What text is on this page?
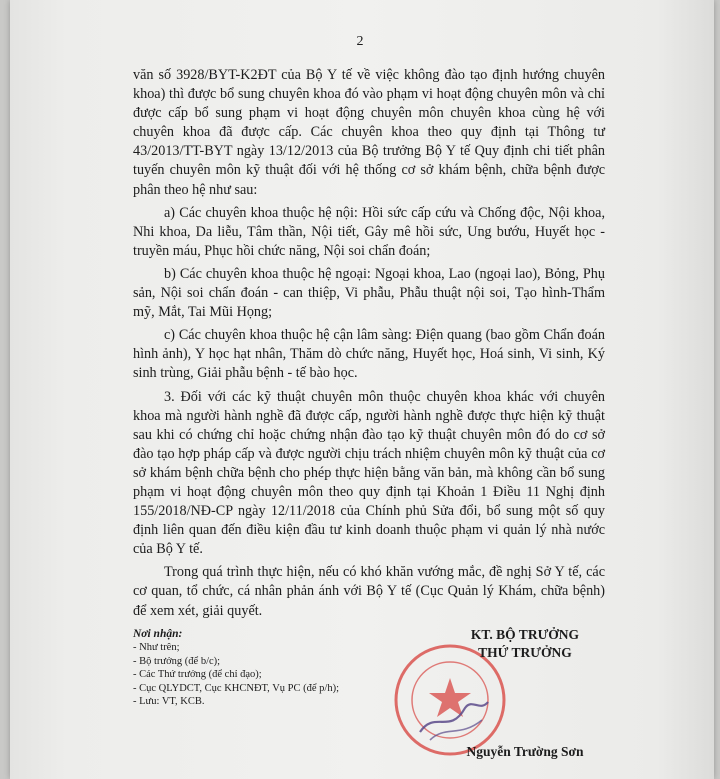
2

văn số 3928/BYT-K2ĐT của Bộ Y tế về việc không đào tạo định hướng chuyên khoa) thì được bổ sung chuyên khoa đó vào phạm vi hoạt động chuyên môn và chỉ được cấp bổ sung phạm vi hoạt động chuyên môn chuyên khoa cùng hệ với chuyên khoa đã được cấp. Các chuyên khoa theo quy định tại Thông tư 43/2013/TT-BYT ngày 13/12/2013 của Bộ trưởng Bộ Y tế Quy định chi tiết phân tuyến chuyên môn kỹ thuật đối với hệ thống cơ sở khám bệnh, chữa bệnh được phân theo hệ như sau:

a) Các chuyên khoa thuộc hệ nội: Hồi sức cấp cứu và Chống độc, Nội khoa, Nhi khoa, Da liễu, Tâm thần, Nội tiết, Gây mê hồi sức, Ung bướu, Huyết học - truyền máu, Phục hồi chức năng, Nội soi chẩn đoán;

b) Các chuyên khoa thuộc hệ ngoại: Ngoại khoa, Lao (ngoại lao), Bỏng, Phụ sản, Nội soi chẩn đoán - can thiệp, Vi phẫu, Phẫu thuật nội soi, Tạo hình-Thẩm mỹ, Mắt, Tai Mũi Họng;

c) Các chuyên khoa thuộc hệ cận lâm sàng: Điện quang (bao gồm Chẩn đoán hình ảnh), Y học hạt nhân, Thăm dò chức năng, Huyết học, Hoá sinh, Vi sinh, Ký sinh trùng, Giải phẫu bệnh - tế bào học.

3. Đối với các kỹ thuật chuyên môn thuộc chuyên khoa khác với chuyên khoa mà người hành nghề đã được cấp, người hành nghề được thực hiện kỹ thuật sau khi có chứng chỉ hoặc chứng nhận đào tạo kỹ thuật chuyên môn đó do cơ sở đào tạo hợp pháp cấp và được người chịu trách nhiệm chuyên môn kỹ thuật của cơ sở khám bệnh chữa bệnh cho phép thực hiện bằng văn bản, mà không cần bổ sung phạm vi hoạt động chuyên môn theo quy định tại Khoản 1 Điều 11 Nghị định 155/2018/NĐ-CP ngày 12/11/2018 của Chính phủ Sửa đổi, bổ sung một số quy định liên quan đến điều kiện đầu tư kinh doanh thuộc phạm vi quản lý nhà nước của Bộ Y tế.

Trong quá trình thực hiện, nếu có khó khăn vướng mắc, đề nghị Sở Y tế, các cơ quan, tổ chức, cá nhân phản ánh với Bộ Y tế (Cục Quản lý Khám, chữa bệnh) để xem xét, giải quyết.

Nơi nhận:
- Như trên;
- Bộ trưởng (để b/c);
- Các Thứ trưởng (để chỉ đạo);
- Cục QLYDCT, Cục KHCNĐT, Vụ PC (để p/h);
- Lưu: VT, KCB.
KT. BỘ TRƯỞNG
THỨ TRƯỞNG
Nguyễn Trường Sơn
